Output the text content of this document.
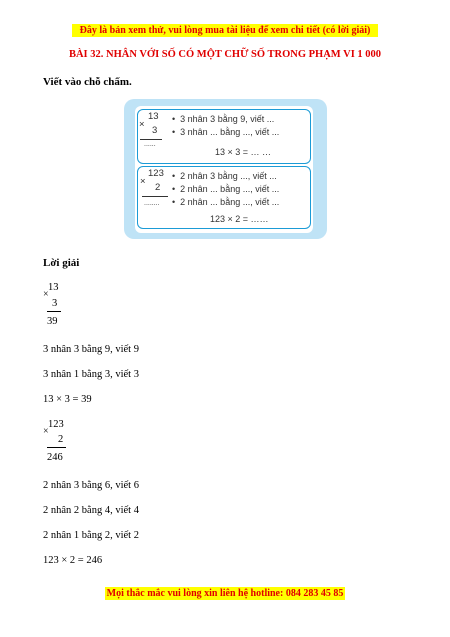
Đây là bản xem thử, vui lòng mua tài liệu để xem chi tiết (có lời giải)
BÀI 32. NHÂN VỚI SỐ CÓ MỘT CHỮ SỐ TRONG PHẠM VI 1 000
Viết vào chỗ chấm.
13
×
3
......
• 3 nhân 3 bằng 9, viết ...
• 3 nhân ... bằng ..., viết ...
13 × 3 = … …
123
×
2
........
• 2 nhân 3 bằng ..., viết ...
• 2 nhân ... bằng ..., viết ...
• 2 nhân ... bằng ..., viết ...
123 × 2 = ……
Lời giải
13
×
3
39
3 nhân 3 bằng 9, viết 9
3 nhân 1 bằng 3, viết 3
13 × 3 = 39
123
×
2
246
2 nhân 3 bằng 6, viết 6
2 nhân 2 bằng 4, viết 4
2 nhân 1 bằng 2, viết 2
123 × 2 = 246
Mọi thắc mắc vui lòng xin liên hệ hotline: 084 283 45 85
